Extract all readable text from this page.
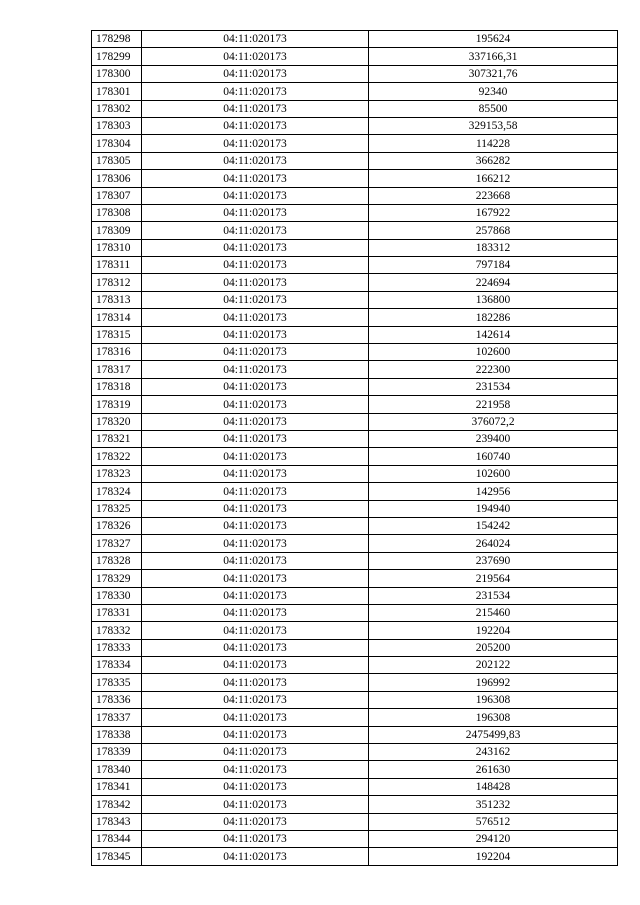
178298	04:11:020173	195624
178299	04:11:020173	337166,31
178300	04:11:020173	307321,76
178301	04:11:020173	92340
178302	04:11:020173	85500
178303	04:11:020173	329153,58
178304	04:11:020173	114228
178305	04:11:020173	366282
178306	04:11:020173	166212
178307	04:11:020173	223668
178308	04:11:020173	167922
178309	04:11:020173	257868
178310	04:11:020173	183312
178311	04:11:020173	797184
178312	04:11:020173	224694
178313	04:11:020173	136800
178314	04:11:020173	182286
178315	04:11:020173	142614
178316	04:11:020173	102600
178317	04:11:020173	222300
178318	04:11:020173	231534
178319	04:11:020173	221958
178320	04:11:020173	376072,2
178321	04:11:020173	239400
178322	04:11:020173	160740
178323	04:11:020173	102600
178324	04:11:020173	142956
178325	04:11:020173	194940
178326	04:11:020173	154242
178327	04:11:020173	264024
178328	04:11:020173	237690
178329	04:11:020173	219564
178330	04:11:020173	231534
178331	04:11:020173	215460
178332	04:11:020173	192204
178333	04:11:020173	205200
178334	04:11:020173	202122
178335	04:11:020173	196992
178336	04:11:020173	196308
178337	04:11:020173	196308
178338	04:11:020173	2475499,83
178339	04:11:020173	243162
178340	04:11:020173	261630
178341	04:11:020173	148428
178342	04:11:020173	351232
178343	04:11:020173	576512
178344	04:11:020173	294120
178345	04:11:020173	192204
